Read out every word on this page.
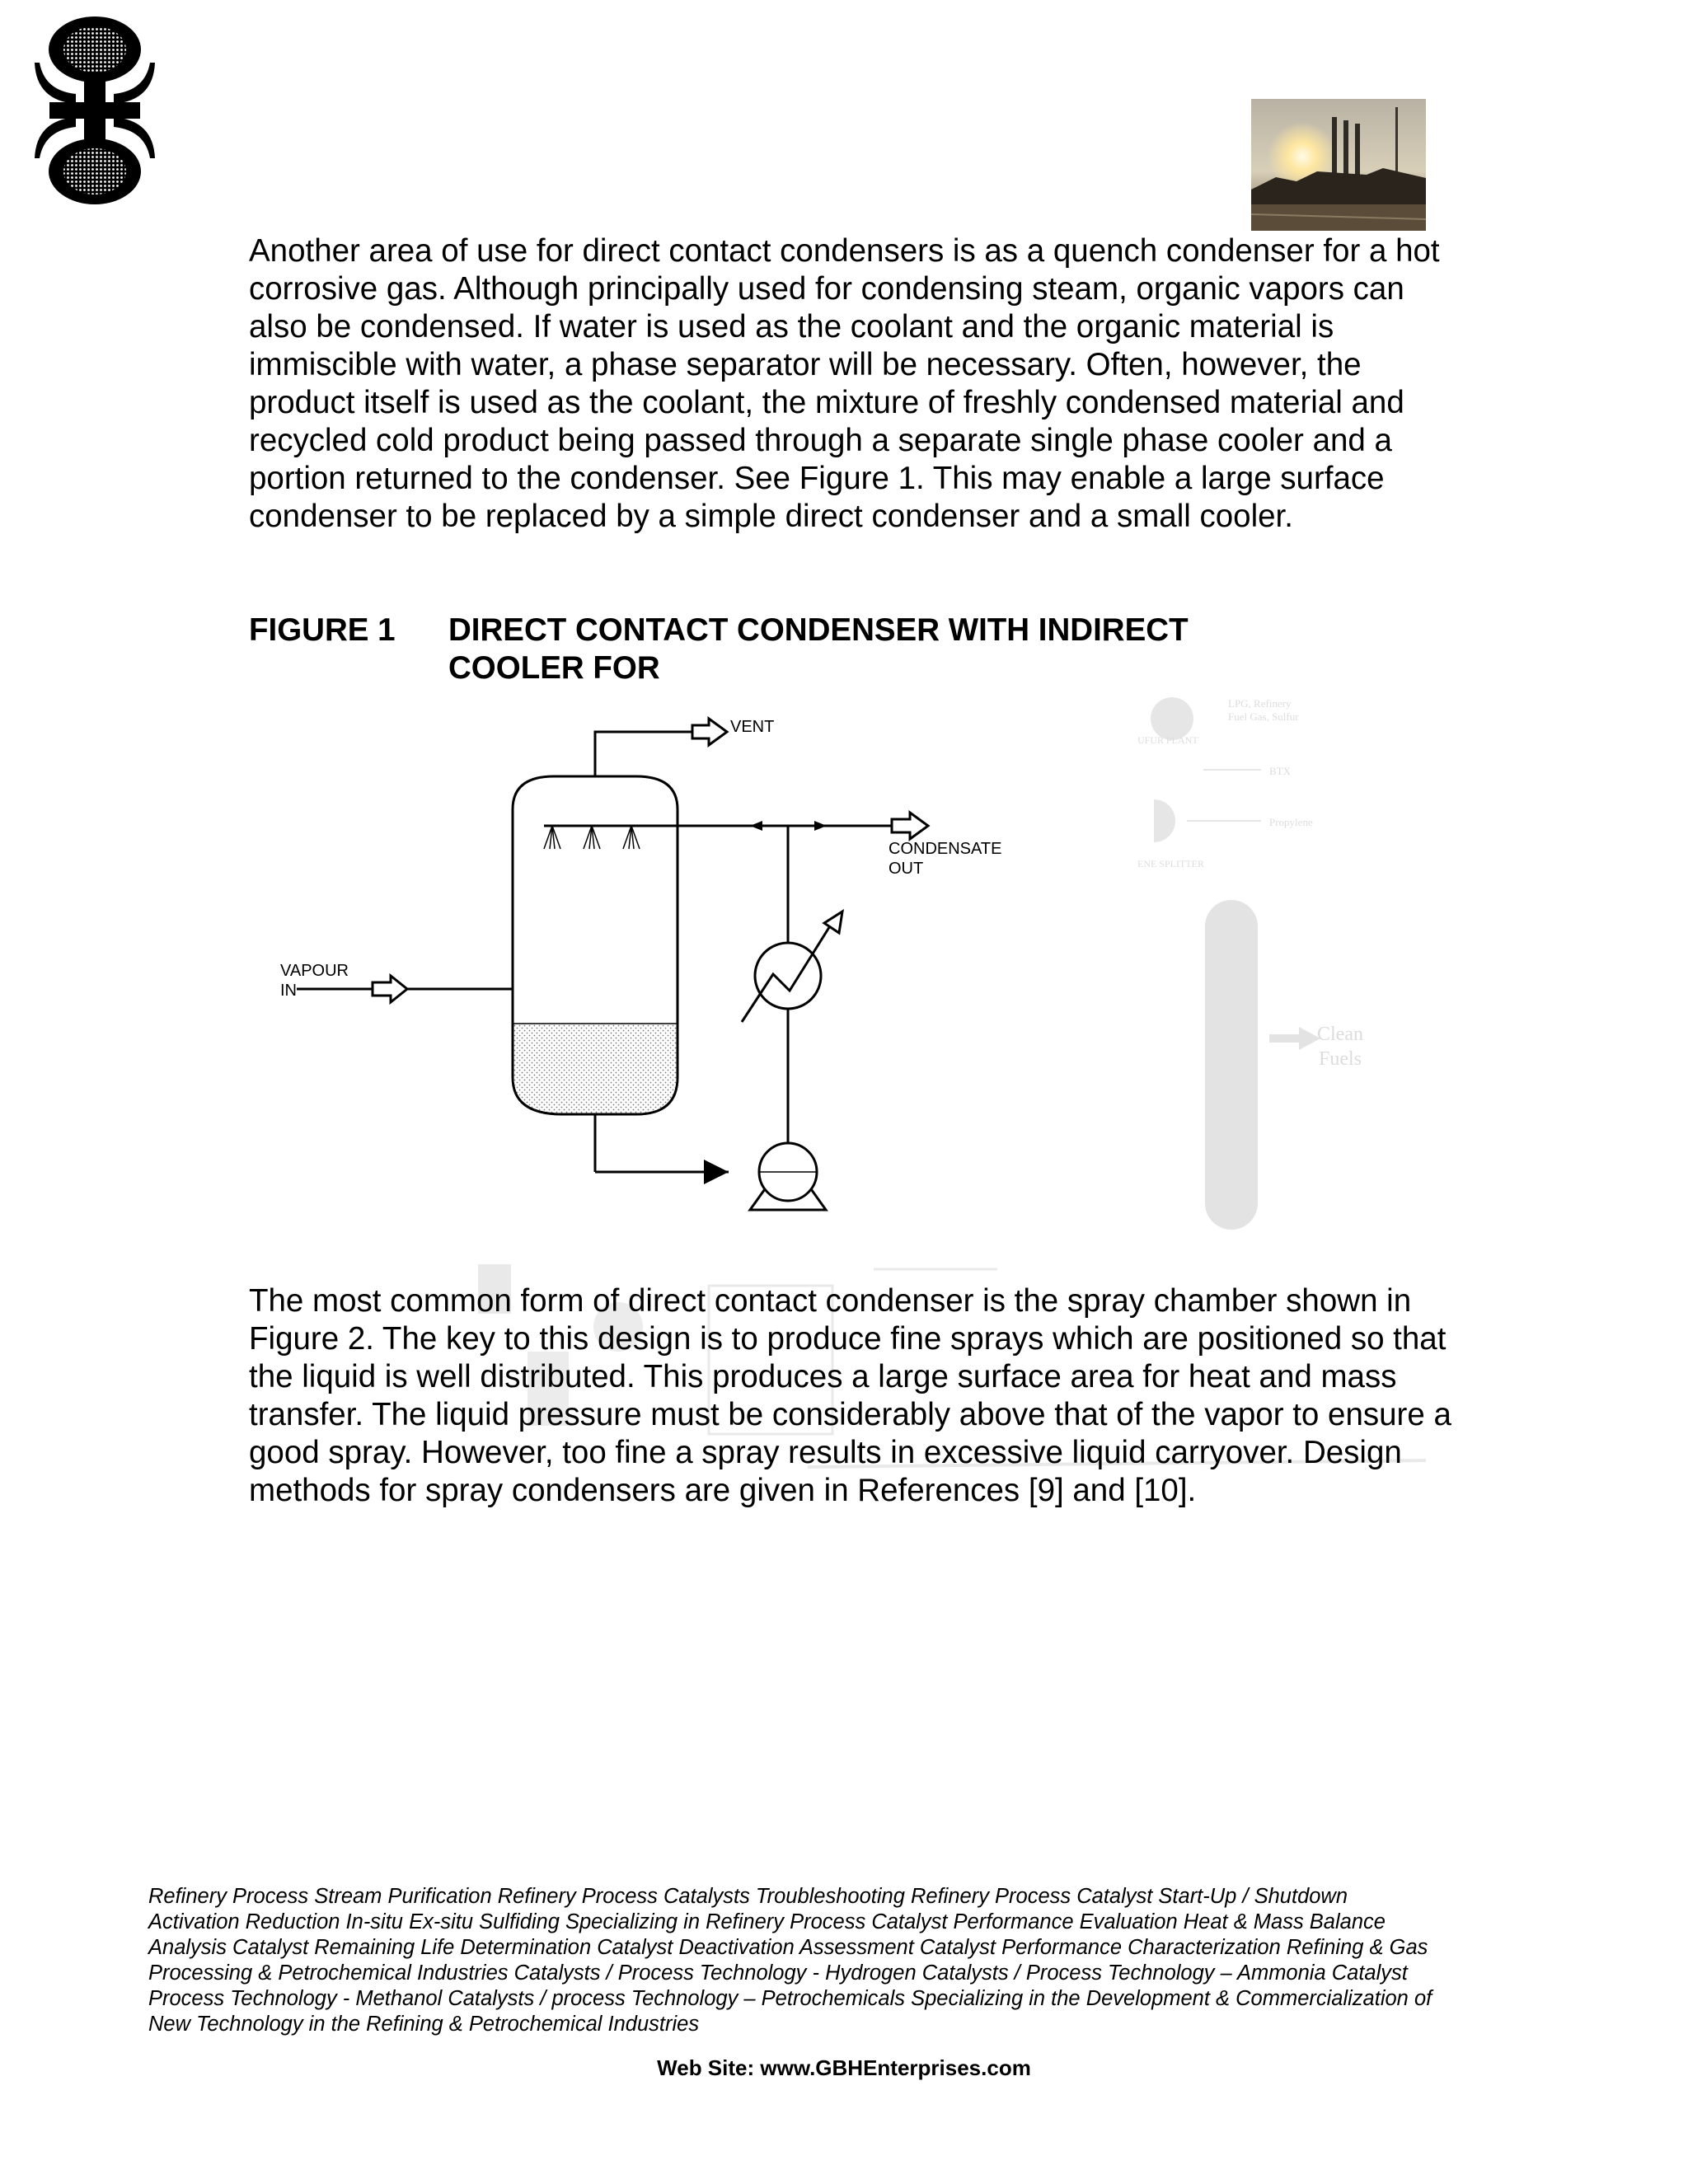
Another area of use for direct contact condensers is as a quench condenser for a hot corrosive gas. Although principally used for condensing steam, organic vapors can also be condensed. If water is used as the coolant and the organic material is immiscible with water, a phase separator will be necessary. Often, however, the product itself is used as the coolant, the mixture of freshly condensed material and recycled cold product being passed through a separate single phase cooler and a portion returned to the condenser. See Figure 1. This may enable a large surface condenser to be replaced by a simple direct condenser and a small cooler.

FIGURE 1 DIRECT CONTACT CONDENSER WITH INDIRECT COOLER FOR
LPG, Refinery
Fuel Gas, Sulfur
UFUR PLANT
BTX
Propylene
ENE SPLITTER
Clean
Fuels
VENT
CONDENSATE
OUT
VAPOUR
IN

The most common form of direct contact condenser is the spray chamber shown in Figure 2. The key to this design is to produce fine sprays which are positioned so that the liquid is well distributed. This produces a large surface area for heat and mass transfer. The liquid pressure must be considerably above that of the vapor to ensure a good spray. However, too fine a spray results in excessive liquid carryover. Design methods for spray condensers are given in References [9] and [10].

Refinery Process Stream Purification Refinery Process Catalysts Troubleshooting Refinery Process Catalyst Start-Up / Shutdown Activation Reduction In-situ Ex-situ Sulfiding Specializing in Refinery Process Catalyst Performance Evaluation Heat & Mass Balance Analysis Catalyst Remaining Life Determination Catalyst Deactivation Assessment Catalyst Performance Characterization Refining & Gas Processing & Petrochemical Industries Catalysts / Process Technology - Hydrogen Catalysts / Process Technology – Ammonia Catalyst Process Technology - Methanol Catalysts / process Technology – Petrochemicals Specializing in the Development & Commercialization of New Technology in the Refining & Petrochemical Industries

Web Site: www.GBHEnterprises.com
